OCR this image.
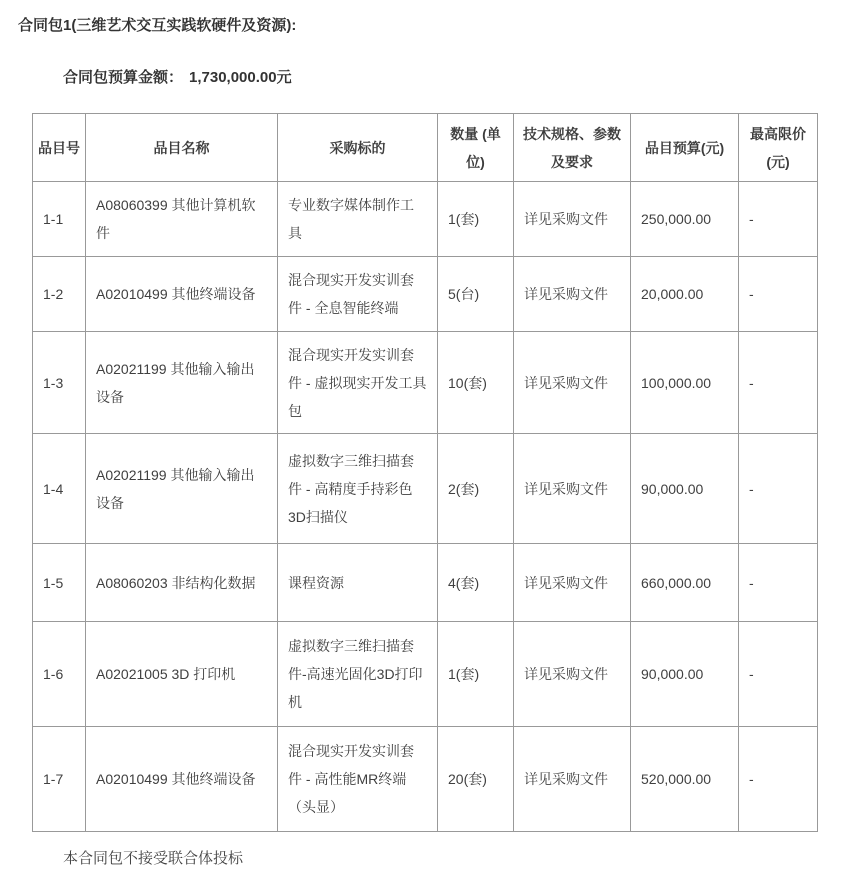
合同包1(三维艺术交互实践软硬件及资源):
合同包预算金额： 1,730,000.00元
品目号	品目名称	采购标的	数量 (单位)	技术规格、参数及要求	品目预算(元)	最高限价 (元)
1-1	A08060399 其他计算机软件	专业数字媒体制作工具	1(套)	详见采购文件	250,000.00	-
1-2	A02010499 其他终端设备	混合现实开发实训套件 - 全息智能终端	5(台)	详见采购文件	20,000.00	-
1-3	A02021199 其他输入输出设备	混合现实开发实训套件 - 虚拟现实开发工具包	10(套)	详见采购文件	100,000.00	-
1-4	A02021199 其他输入输出设备	虚拟数字三维扫描套件 - 高精度手持彩色3D扫描仪	2(套)	详见采购文件	90,000.00	-
1-5	A08060203 非结构化数据	课程资源	4(套)	详见采购文件	660,000.00	-
1-6	A02021005 3D 打印机	虚拟数字三维扫描套件-高速光固化3D打印机	1(套)	详见采购文件	90,000.00	-
1-7	A02010499 其他终端设备	混合现实开发实训套件 - 高性能MR终端（头显）	20(套)	详见采购文件	520,000.00	-
本合同包不接受联合体投标
